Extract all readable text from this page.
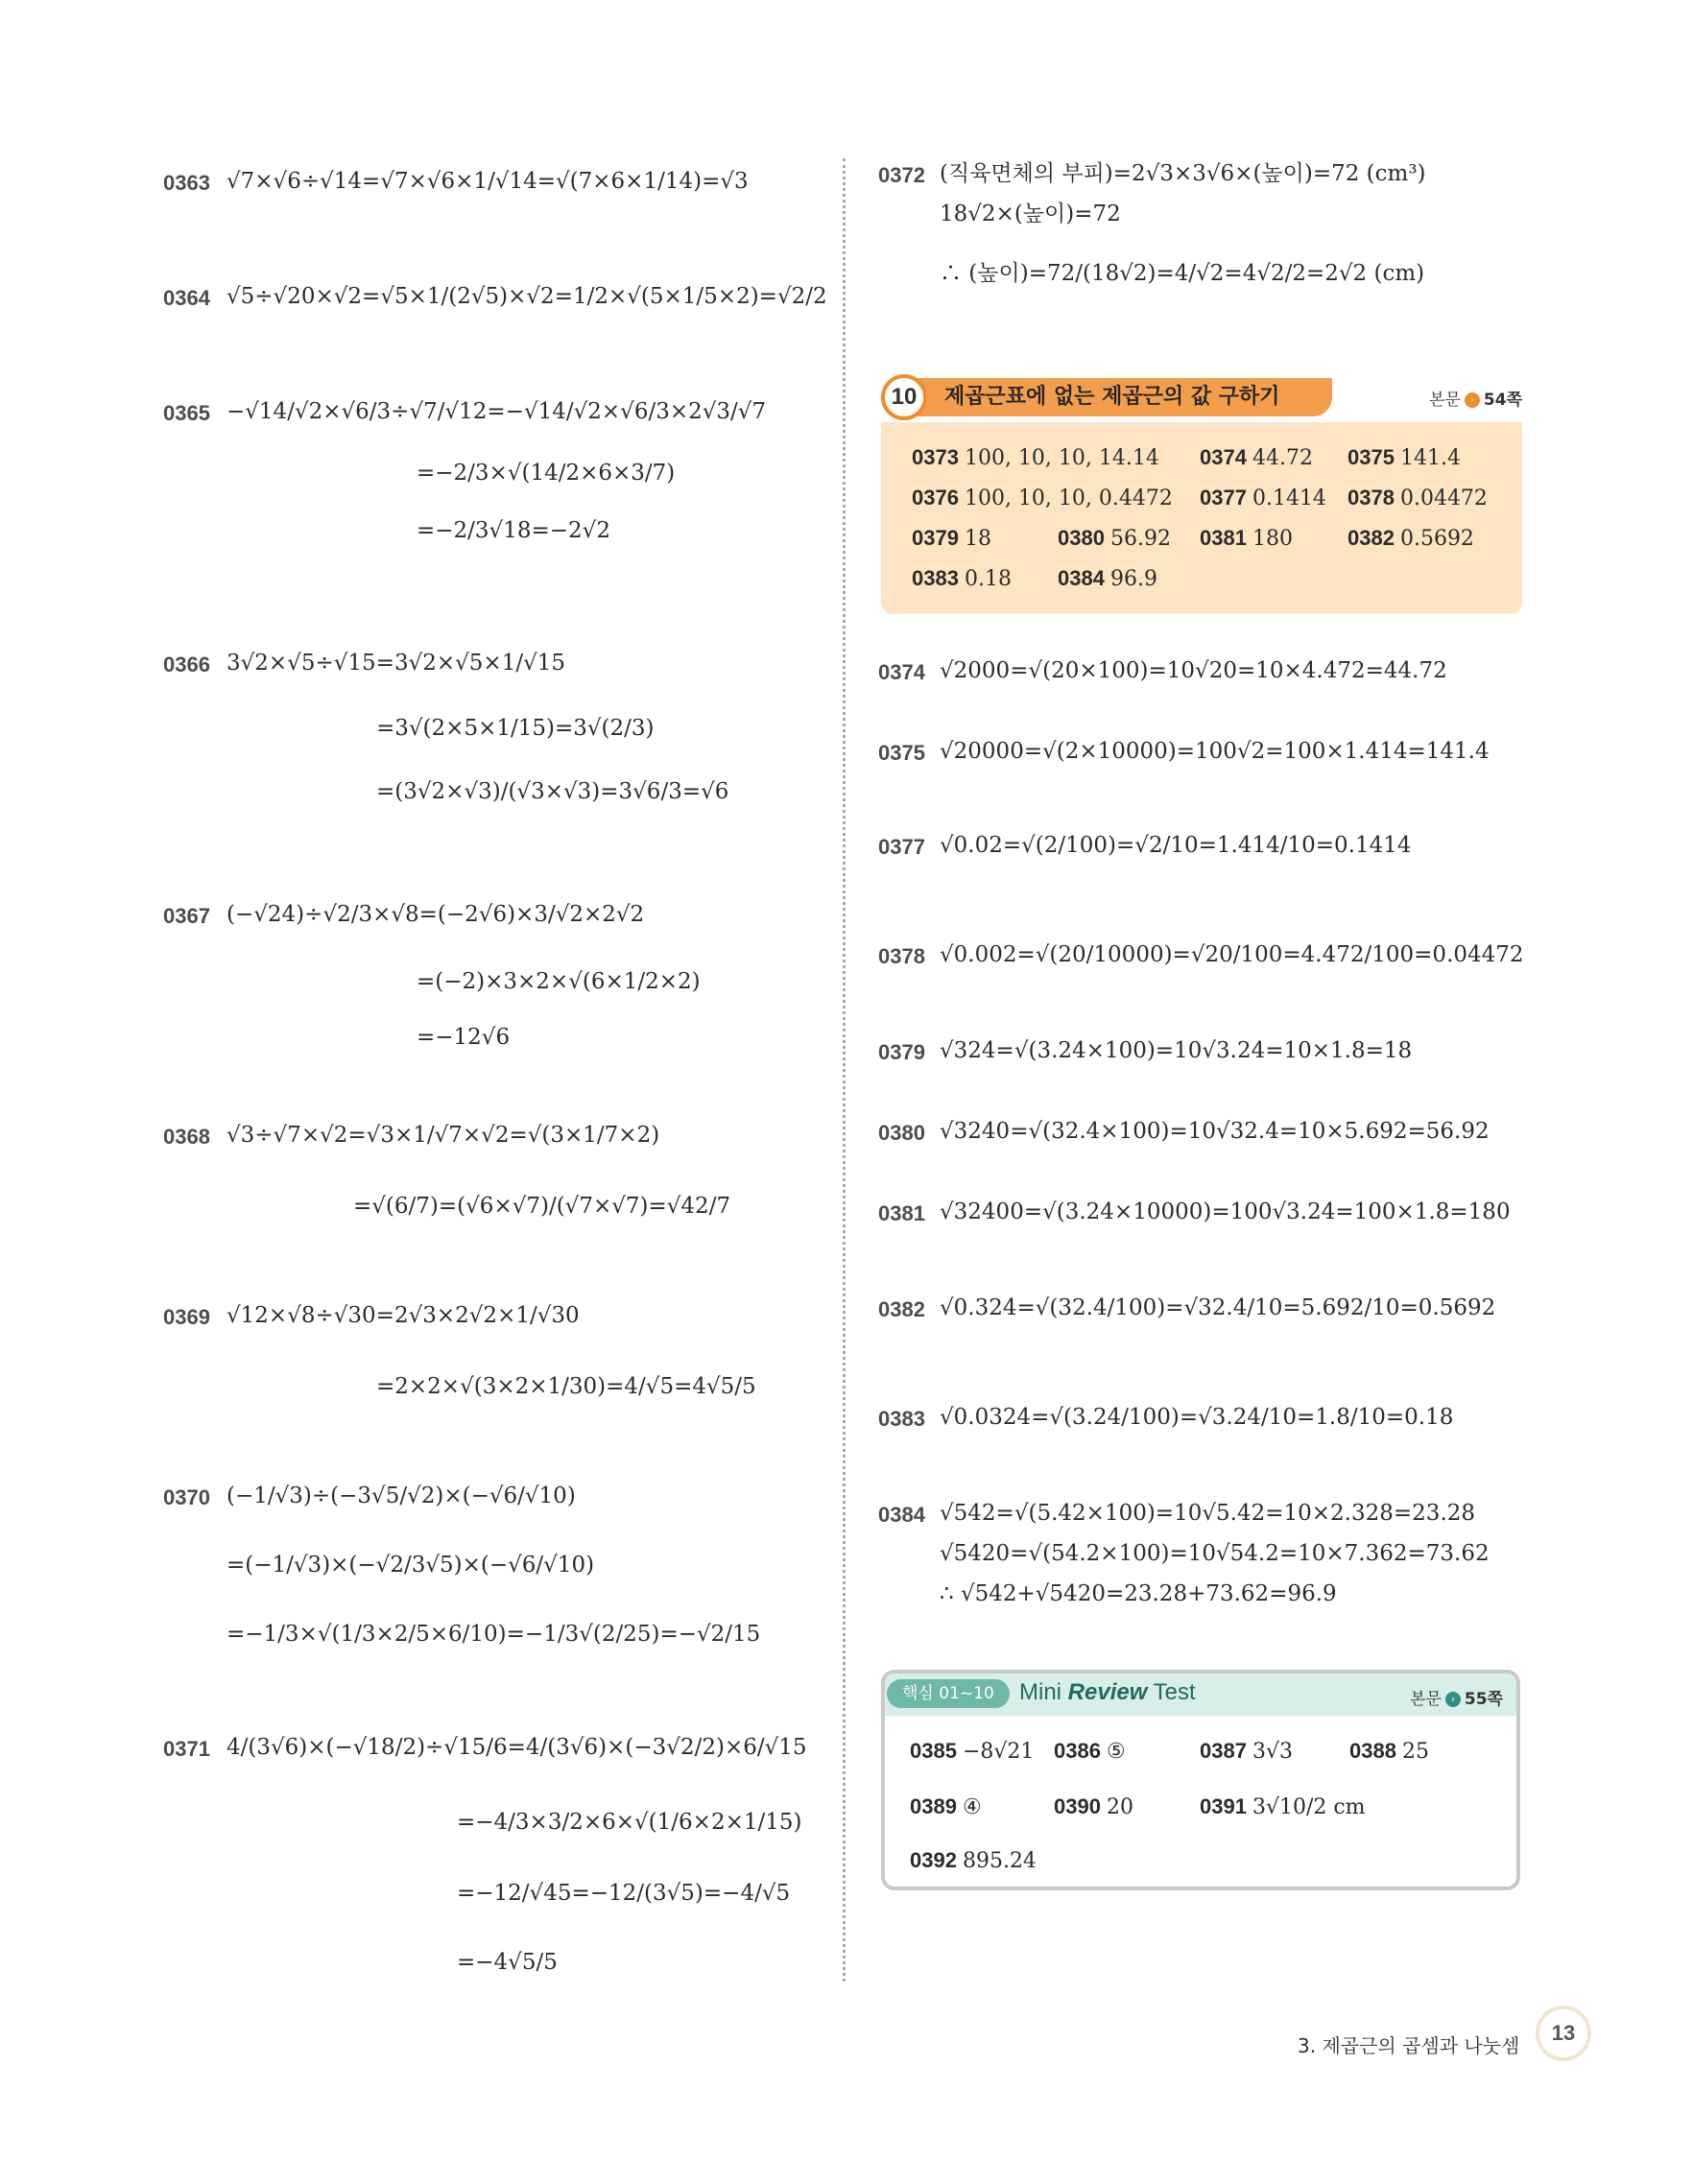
0363 √7×√6÷√14=√7×√6×1/√14=√(7×6×1/14)=√3
0364 √5÷√20×√2=√5×1/(2√5)×√2=1/2×√(5×1/5×2)=√2/2
0365 −√14/√2×√6/3÷√7/√12=−√14/√2×√6/3×2√3/√7
=−2/3×√(14/2×6×3/7)
=−2/3√18=−2√2
0366 3√2×√5÷√15=3√2×√5×1/√15
=3√(2×5×1/15)=3√(2/3)
=(3√2×√3)/(√3×√3)=3√6/3=√6
0367 (−√24)÷√2/3×√8=(−2√6)×3/√2×2√2
=(−2)×3×2×√(6×1/2×2)
=−12√6
0368 √3÷√7×√2=√3×1/√7×√2=√(3×1/7×2)
=√(6/7)=(√6×√7)/(√7×√7)=√42/7
0369 √12×√8÷√30=2√3×2√2×1/√30
=2×2×√(3×2×1/30)=4/√5=4√5/5
0370 (−1/√3)÷(−3√5/√2)×(−√6/√10)
=(−1/√3)×(−√2/3√5)×(−√6/√10)
=−1/3×√(1/3×2/5×6/10)=−1/3√(2/25)=−√2/15
0371 4/(3√6)×(−√18/2)÷√15/6=4/(3√6)×(−3√2/2)×6/√15
=−4/3×3/2×6×√(1/6×2×1/15)
=−12/√45=−12/(3√5)=−4/√5
=−4√5/5
0372 (직육면체의 부피)=2√3×3√6×(높이)=72 (cm³)
18√2×(높이)=72
∴ (높이)=72/(18√2)=4/√2=4√2/2=2√2 (cm)
제곱근표에 없는 제곱근의 값 구하기
10	본문 › 54쪽
0373 100, 10, 10, 14.14 0374 44.72 0375 141.4
0376 100, 10, 10, 0.4472 0377 0.1414 0378 0.04472
0379 18	0380 56.92 0381 180	0382 0.5692
0383 0.18 0384 96.9
0374 √2000=√(20×100)=10√20=10×4.472=44.72
0375 √20000=√(2×10000)=100√2=100×1.414=141.4
0377 √0.02=√(2/100)=√2/10=1.414/10=0.1414
0378 √0.002=√(20/10000)=√20/100=4.472/100=0.04472
0379 √324=√(3.24×100)=10√3.24=10×1.8=18
0380 √3240=√(32.4×100)=10√32.4=10×5.692=56.92
0381 √32400=√(3.24×10000)=100√3.24=100×1.8=180
0382 √0.324=√(32.4/100)=√32.4/10=5.692/10=0.5692
0383 √0.0324=√(3.24/100)=√3.24/10=1.8/10=0.18
0384 √542=√(5.42×100)=10√5.42=10×2.328=23.28
√5420=√(54.2×100)=10√54.2=10×7.362=73.62
∴ √542+√5420=23.28+73.62=96.9
핵심 01~10	Mini Review Test	본문 › 55쪽
0385 −8√21 0386 ⑤	0387 3√3	0388 25
0389 ④	0390 20	0391 3√10/2 cm
0392 895.24
3. 제곱근의 곱셈과 나눗셈
13
